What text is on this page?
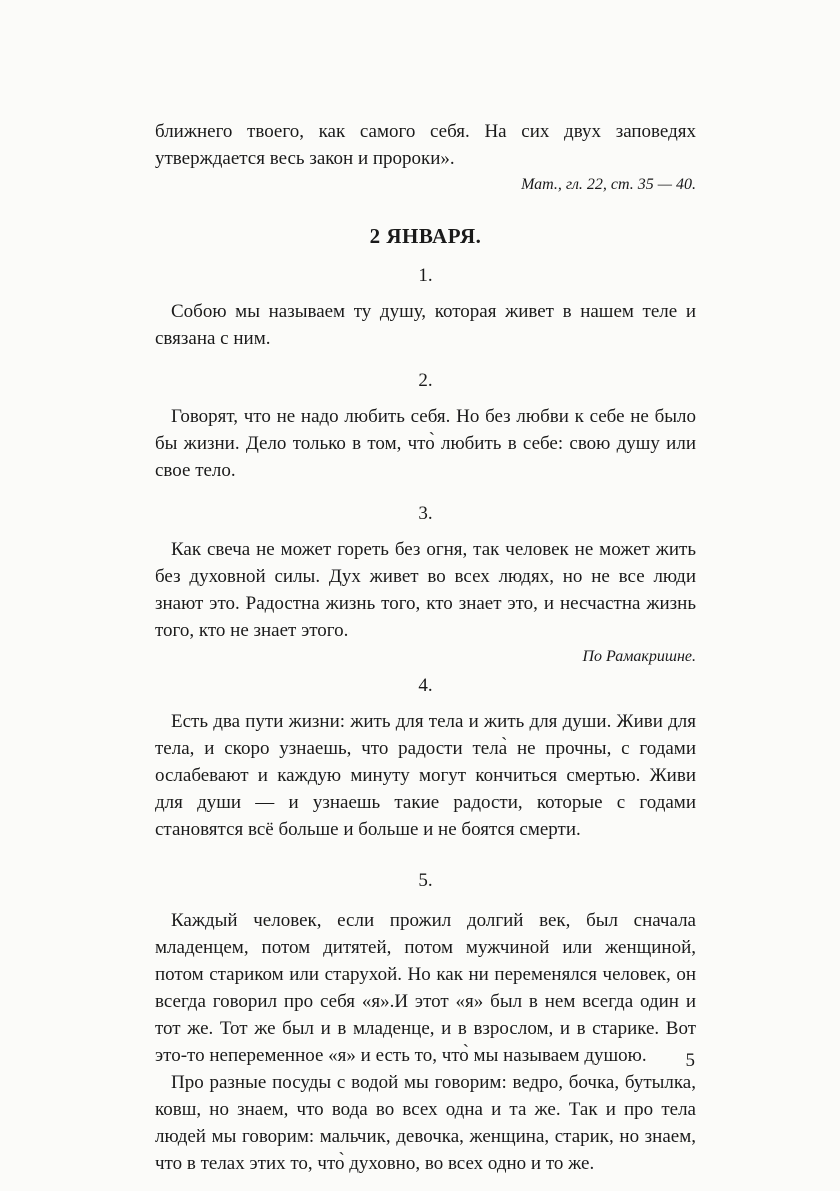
ближнего твоего, как самого себя. На сих двух заповедях утверждается весь закон и пророки».

Мат., гл. 22, ст. 35 — 40.

2 ЯНВАРЯ.

1.

Собою мы называем ту душу, которая живет в нашем теле и связана с ним.

2.

Говорят, что не надо любить себя. Но без любви к себе не было бы жизни. Дело только в том, что̀ любить в себе: свою душу или свое тело.

3.

Как свеча не может гореть без огня, так человек не может жить без духовной силы. Дух живет во всех людях, но не все люди знают это. Радостна жизнь того, кто знает это, и несчастна жизнь того, кто не знает этого.

По Рамакришне.

4.

Есть два пути жизни: жить для тела и жить для души. Живи для тела, и скоро узнаешь, что радости тела̀ не прочны, с годами ослабевают и каждую минуту могут кончиться смертью. Живи для души — и узнаешь такие радости, которые с годами становятся всё больше и больше и не боятся смерти.

5.

Каждый человек, если прожил долгий век, был сначала младенцем, потом дитятей, потом мужчиной или женщиной, потом стариком или старухой. Но как ни переменялся человек, он всегда говорил про себя «я».И этот «я» был в нем всегда один и тот же. Тот же был и в младенце, и в взрослом, и в старике. Вот это-то непеременное «я» и есть то, что̀ мы называем душою.

Про разные посуды с водой мы говорим: ведро, бочка, бутылка, ковш, но знаем, что вода во всех одна и та же. Так и про тела людей мы говорим: мальчик, девочка, женщина, старик, но знаем, что в телах этих то, что̀ духовно, во всех одно и то же.

5
